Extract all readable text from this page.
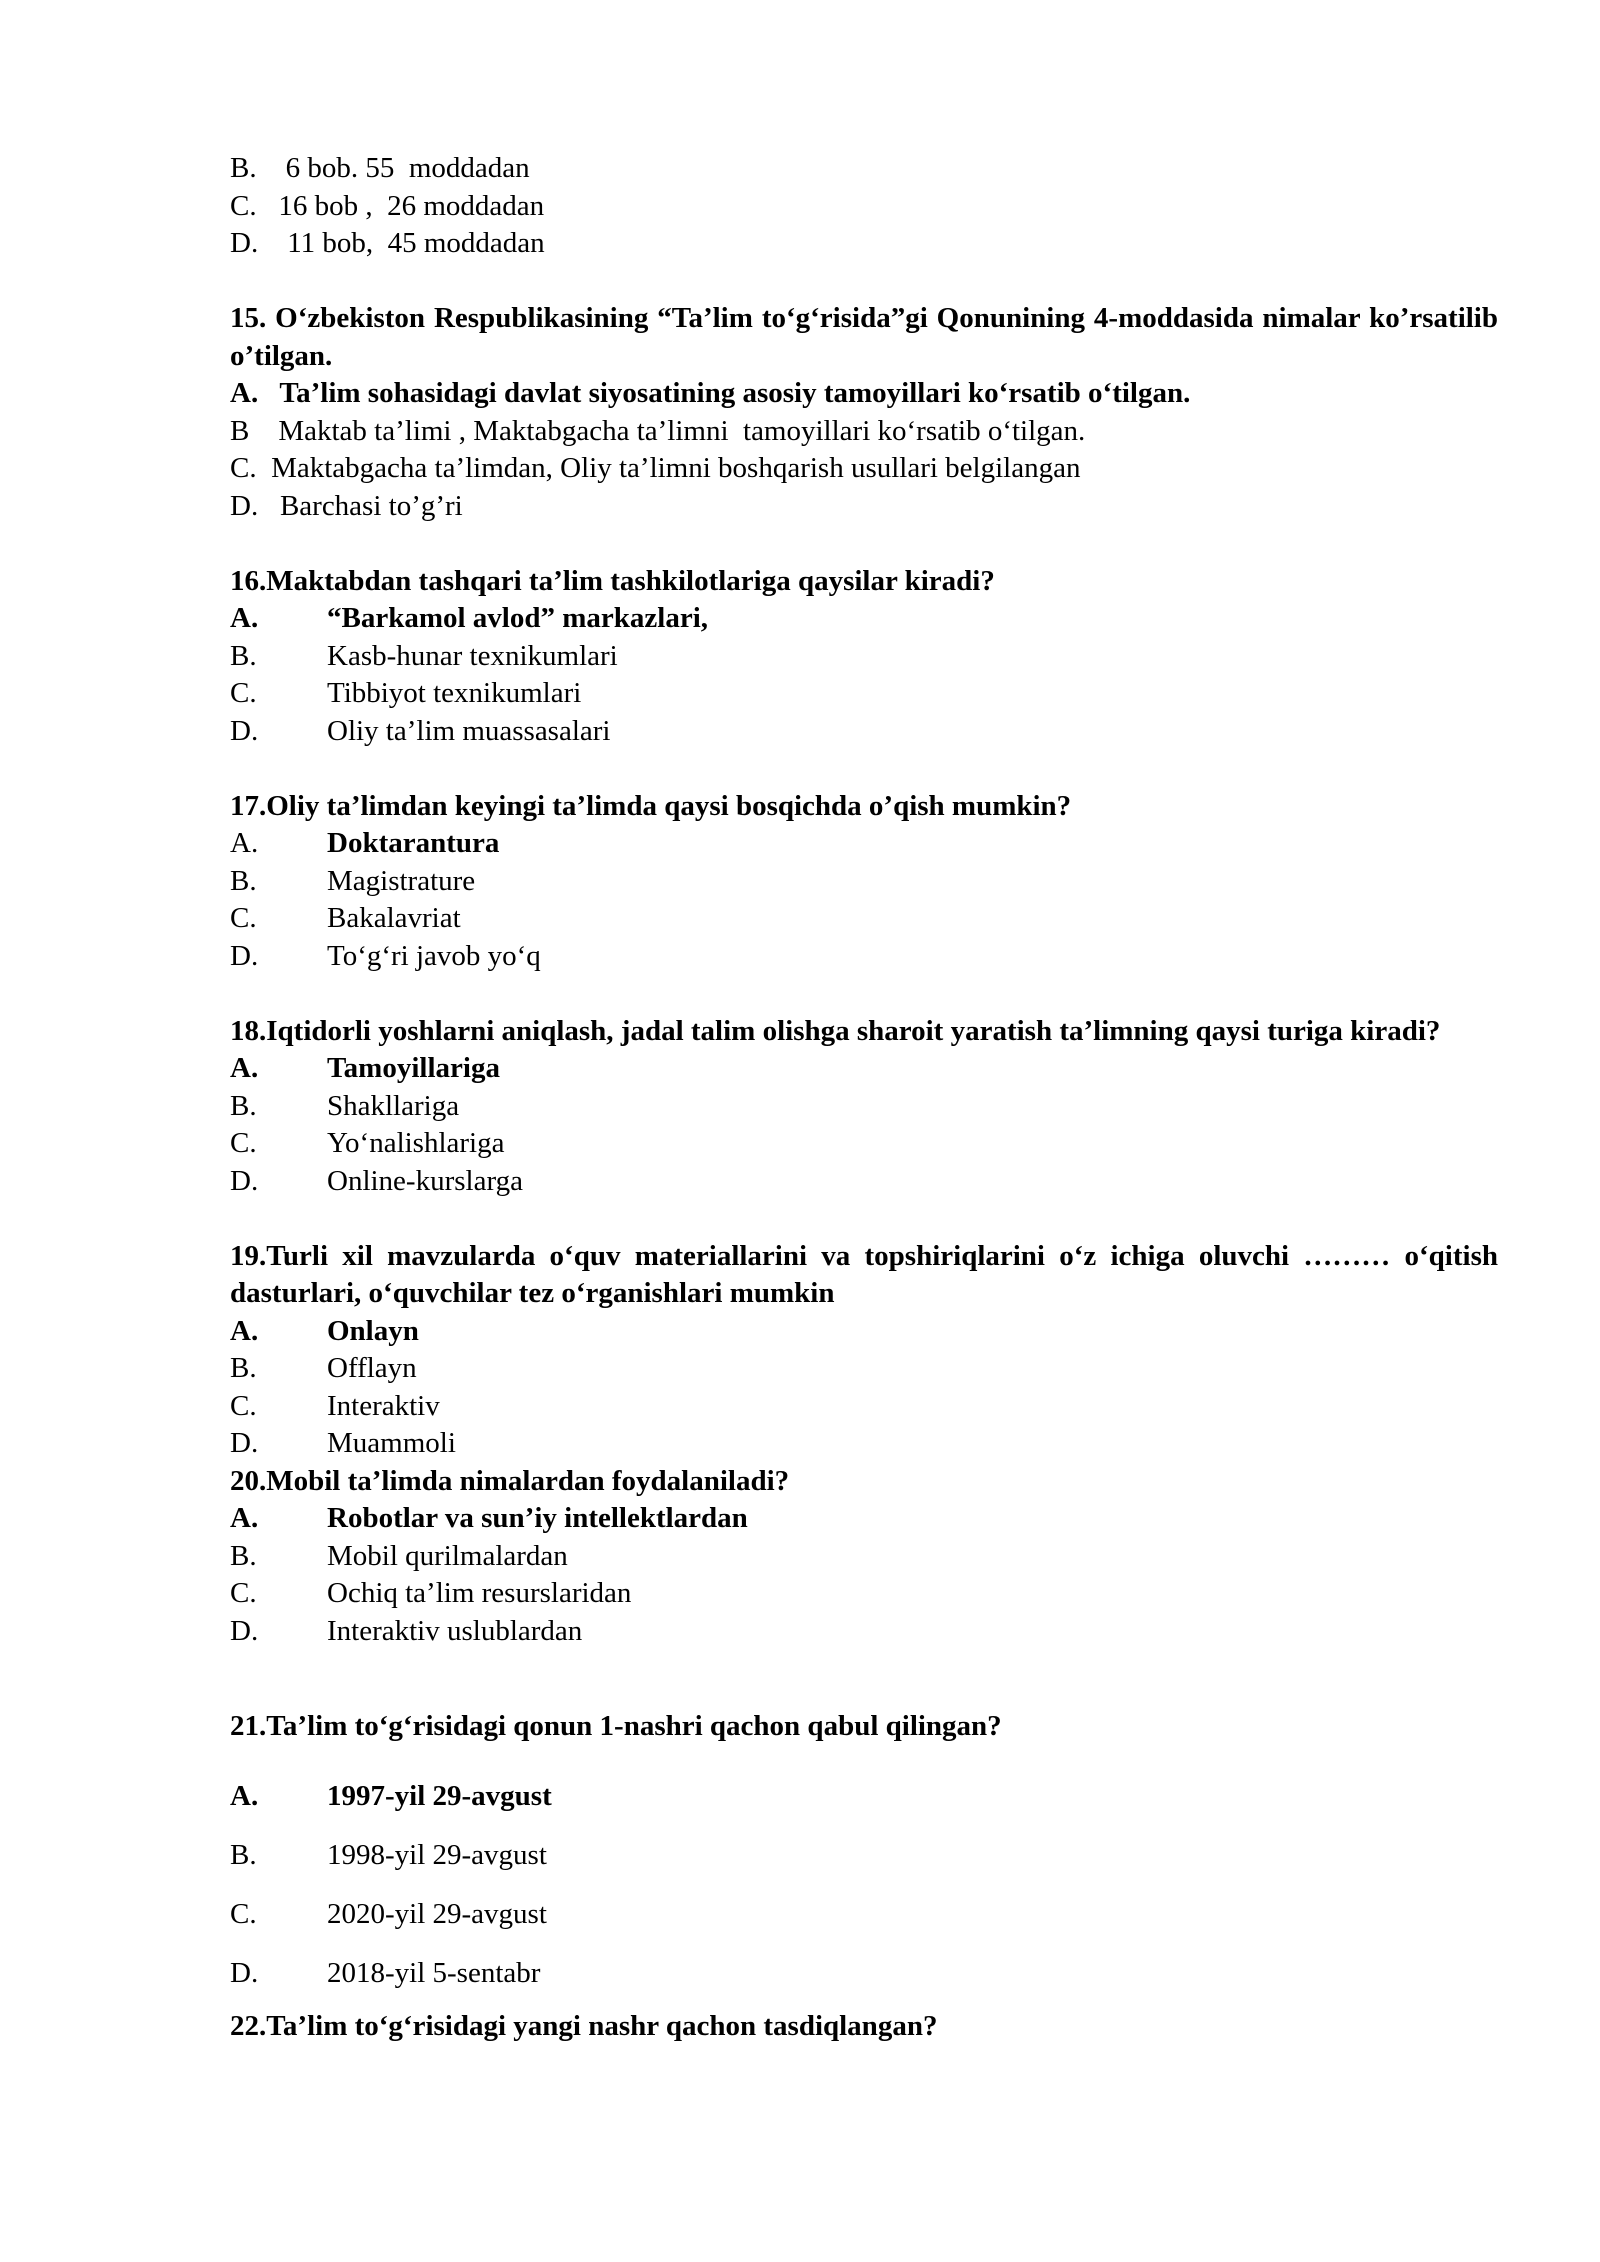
B.    6 bob. 55  moddadan
C.   16 bob ,  26 moddadan
D.    11 bob,  45 moddadan
15. O‘zbekiston Respublikasining “Ta’lim to‘g‘risida”gi Qonunining 4-moddasida nimalar ko’rsatilib o’tilgan.
A.   Ta’lim sohasidagi davlat siyosatining asosiy tamoyillari ko‘rsatib o‘tilgan.
B    Maktab ta’limi , Maktabgacha ta’limni  tamoyillari ko‘rsatib o‘tilgan.
C.  Maktabgacha ta’limdan, Oliy ta’limni boshqarish usullari belgilangan
D.   Barchasi to’g’ri
16.Maktabdan tashqari ta’lim tashkilotlariga qaysilar kiradi?
A.	“Barkamol avlod” markazlari,
B.	Kasb-hunar texnikumlari
C.	Tibbiyot texnikumlari
D.	Oliy ta’lim muassasalari
17.Oliy ta’limdan keyingi ta’limda qaysi bosqichda o’qish mumkin?
A.	Doktarantura
B.	Magistrature
C.	Bakalavriat
D.	To‘g‘ri javob yo‘q
18.Iqtidorli yoshlarni aniqlash, jadal talim olishga sharoit yaratish ta’limning qaysi turiga kiradi?
A.	Tamoyillariga
B.	Shakllariga
C.	Yo‘nalishlariga
D.	Online-kurslarga
19.Turli xil mavzularda o‘quv materiallarini va topshiriqlarini o‘z ichiga oluvchi ……… o‘qitish dasturlari, o‘quvchilar tez o‘rganishlari mumkin
A.	Onlayn
B.	Offlayn
C.	Interaktiv
D.	Muammoli
20.Mobil ta’limda nimalardan foydalaniladi?
A.	Robotlar va sun’iy intellektlardan
B.	Mobil qurilmalardan
C.	Ochiq ta’lim resurslaridan
D.	Interaktiv uslublardan
21.Ta’lim to‘g‘risidagi qonun 1-nashri qachon qabul qilingan?
A.	1997-yil 29-avgust
B.	1998-yil 29-avgust
C.	2020-yil 29-avgust
D.	2018-yil 5-sentabr
22.Ta’lim to‘g‘risidagi yangi nashr qachon tasdiqlangan?
